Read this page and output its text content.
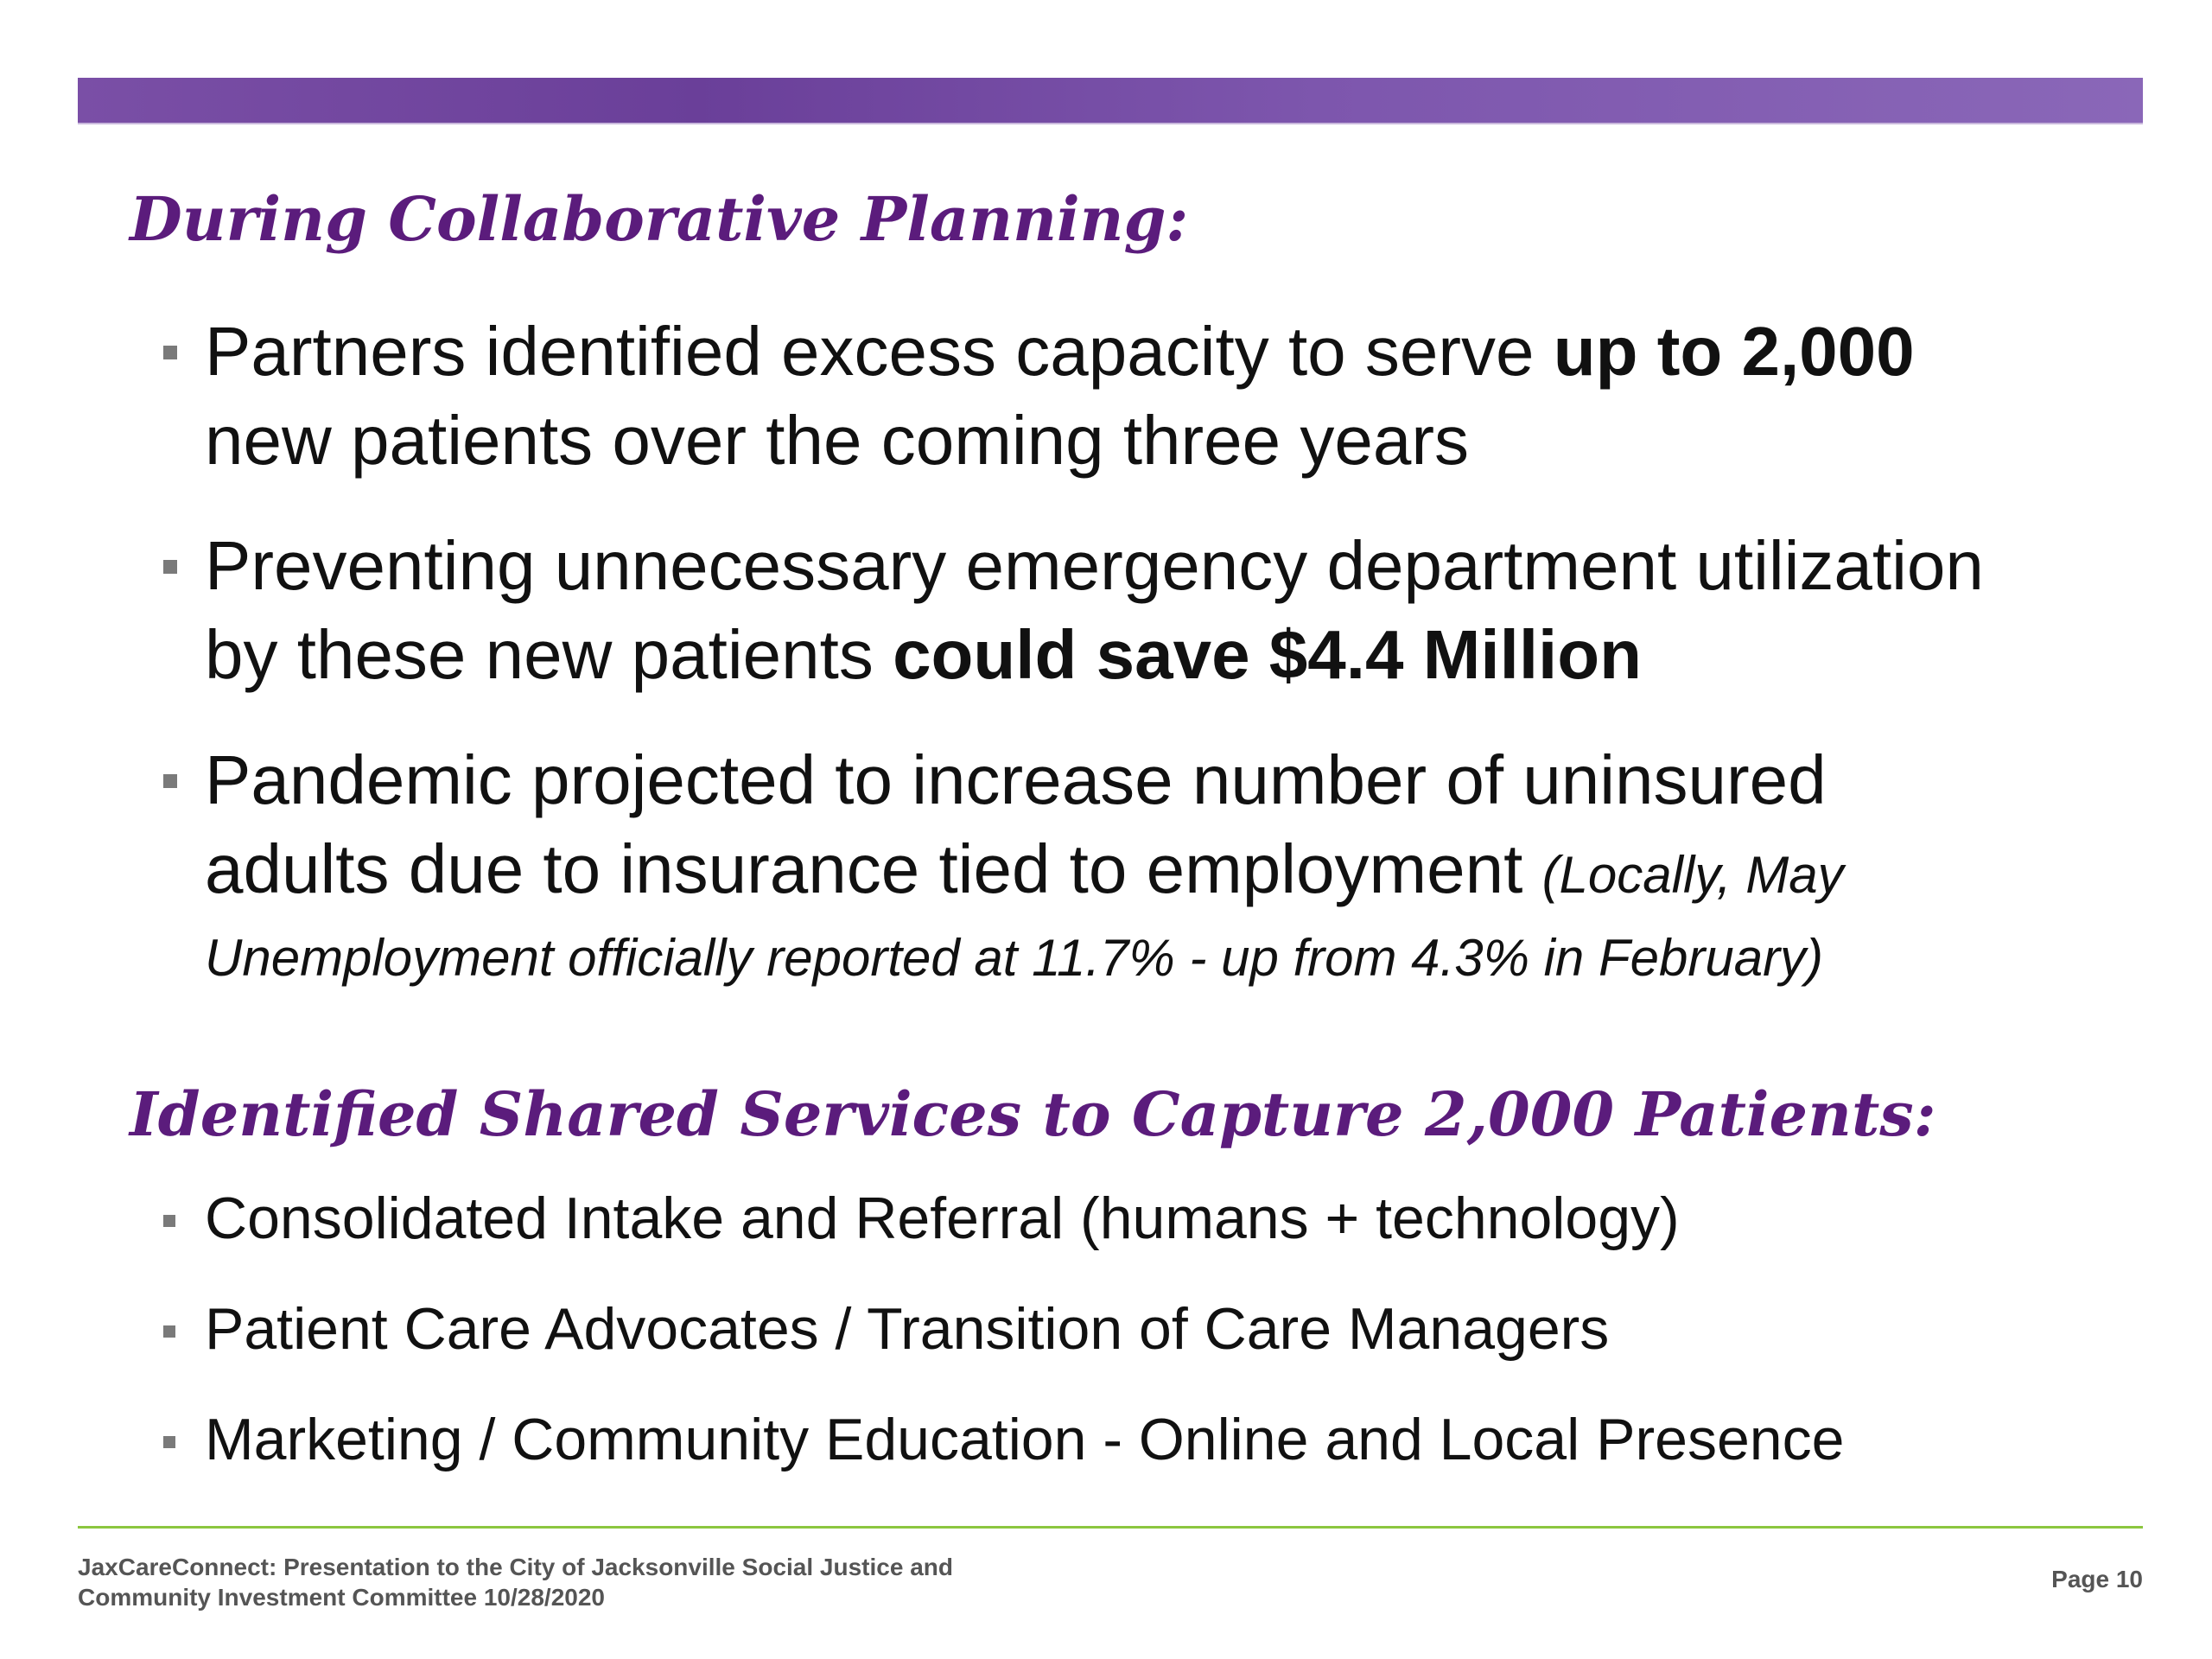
During Collaborative Planning:
Partners identified excess capacity to serve up to 2,000
new patients over the coming three years
Preventing unnecessary emergency department utilization
by these new patients could save $4.4 Million
Pandemic projected to increase number of uninsured
adults due to insurance tied to employment (Locally, May
Unemployment officially reported at 11.7% - up from 4.3% in February)
Identified Shared Services to Capture 2,000 Patients:
Consolidated Intake and Referral (humans + technology)
Patient Care Advocates / Transition of Care Managers
Marketing / Community Education - Online and Local Presence
JaxCareConnect: Presentation to the City of Jacksonville Social Justice and
Community Investment Committee 10/28/2020
Page 10
